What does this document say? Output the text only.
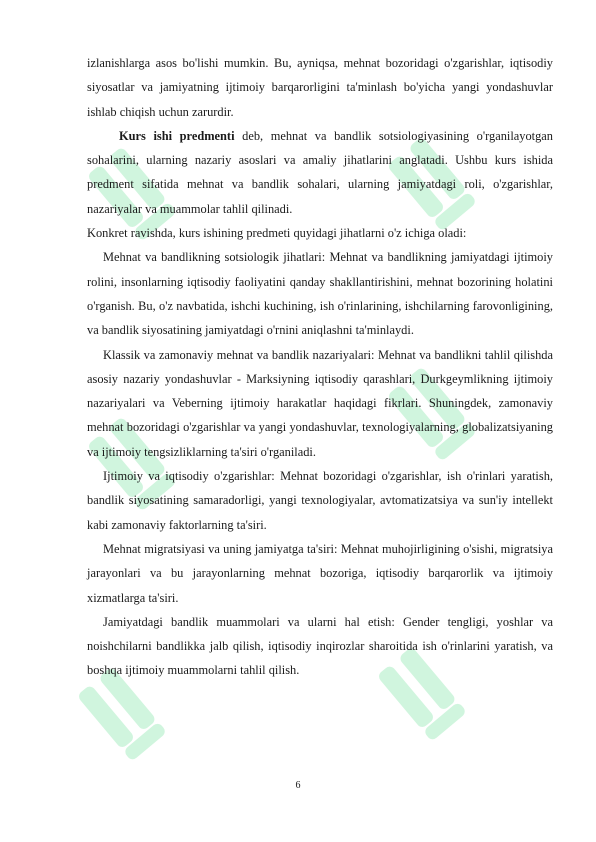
izlanishlarga asos bo'lishi mumkin. Bu, ayniqsa, mehnat bozoridagi o'zgarishlar, iqtisodiy siyosatlar va jamiyatning ijtimoiy barqarorligini ta'minlash bo'yicha yangi yondashuvlar ishlab chiqish uchun zarurdir.

Kurs ishi predmenti deb, mehnat va bandlik sotsiologiyasining o'rganilayotgan sohalarini, ularning nazariy asoslari va amaliy jihatlarini anglatadi. Ushbu kurs ishida predment sifatida mehnat va bandlik sohalari, ularning jamiyatdagi roli, o'zgarishlar, nazariyalar va muammolar tahlil qilinadi.

Konkret ravishda, kurs ishining predmeti quyidagi jihatlarni o'z ichiga oladi:

Mehnat va bandlikning sotsiologik jihatlari: Mehnat va bandlikning jamiyatdagi ijtimoiy rolini, insonlarning iqtisodiy faoliyatini qanday shakllantirishini, mehnat bozorining holatini o'rganish. Bu, o'z navbatida, ishchi kuchining, ish o'rinlarining, ishchilarning farovonligining, va bandlik siyosatining jamiyatdagi o'rnini aniqlashni ta'minlaydi.

Klassik va zamonaviy mehnat va bandlik nazariyalari: Mehnat va bandlikni tahlil qilishda asosiy nazariy yondashuvlar - Marksiyning iqtisodiy qarashlari, Durkgeymlikning ijtimoiy nazariyalari va Veberning ijtimoiy harakatlar haqidagi fikrlari. Shuningdek, zamonaviy mehnat bozoridagi o'zgarishlar va yangi yondashuvlar, texnologiyalarning, globalizatsiyaning va ijtimoiy tengsizliklarning ta'siri o'rganiladi.

Ijtimoiy va iqtisodiy o'zgarishlar: Mehnat bozoridagi o'zgarishlar, ish o'rinlari yaratish, bandlik siyosatining samaradorligi, yangi texnologiyalar, avtomatizatsiya va sun'iy intellekt kabi zamonaviy faktorlarning ta'siri.

Mehnat migratsiyasi va uning jamiyatga ta'siri: Mehnat muhojirligining o'sishi, migratsiya jarayonlari va bu jarayonlarning mehnat bozoriga, iqtisodiy barqarorlik va ijtimoiy xizmatlarga ta'siri.

Jamiyatdagi bandlik muammolari va ularni hal etish: Gender tengligi, yoshlar va noishchilarni bandlikka jalb qilish, iqtisodiy inqirozlar sharoitida ish o'rinlarini yaratish, va boshqa ijtimoiy muammolarni tahlil qilish.

6
